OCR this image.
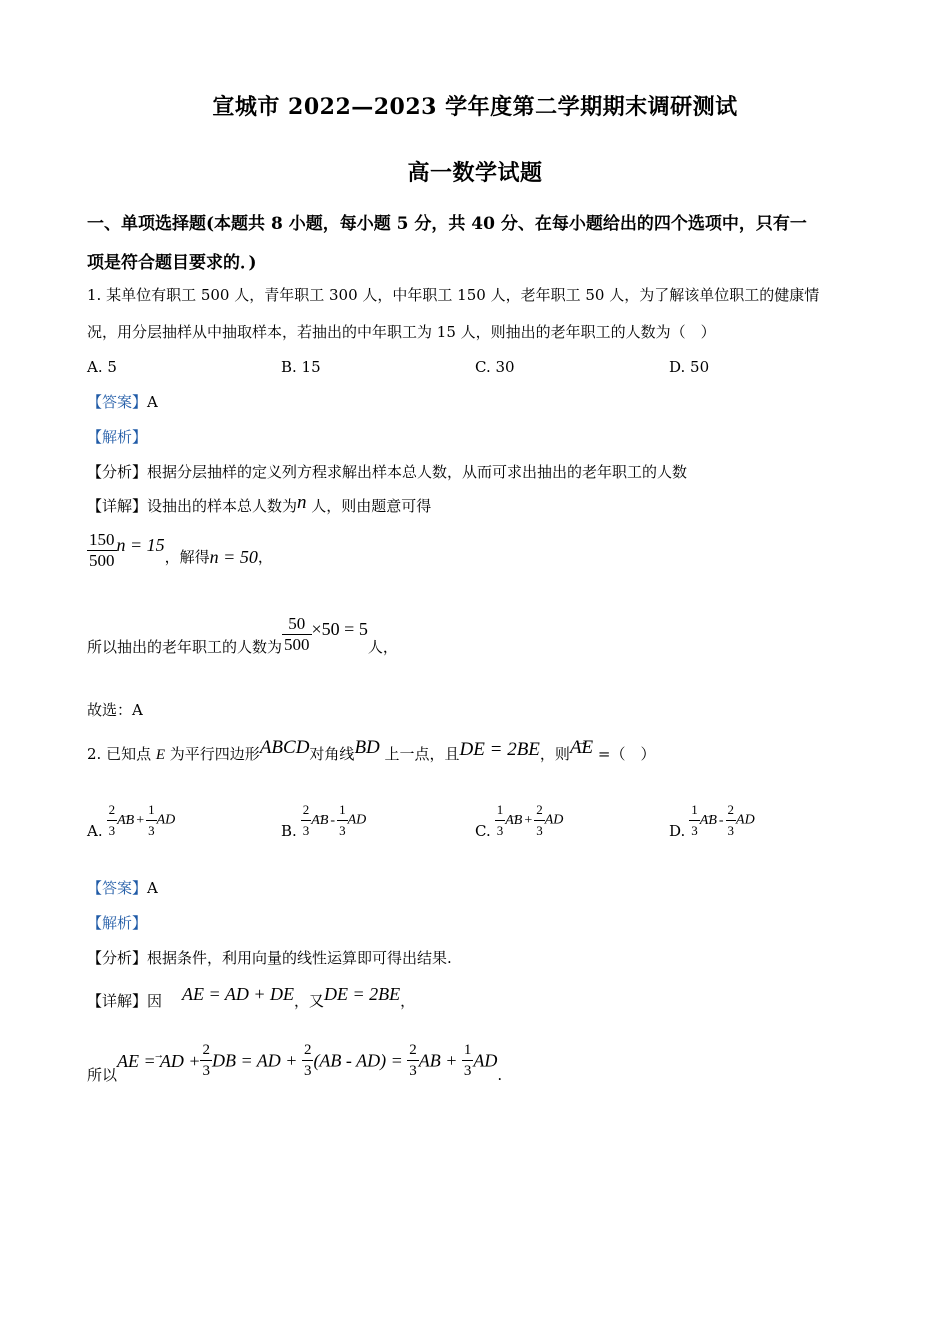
宣城市 2022—2023 学年度第二学期期末调研测试
高一数学试题
一、单项选择题(本题共 8 小题，每小题 5 分，共 40 分、在每小题给出的四个选项中，只有一
项是符合题目要求的．)
1. 某单位有职工 500 人，青年职工 300 人，中年职工 150 人，老年职工 50 人，为了解该单位职工的健康情
况，用分层抽样从中抽取样本，若抽出的中年职工为 15 人，则抽出的老年职工的人数为（　）
A. 5	B. 15	C. 30	D. 50
【答案】A
【解析】
【分析】根据分层抽样的定义列方程求解出样本总人数，从而可求出抽出的老年职工的人数
【详解】设抽出的样本总人数为n 人，则由题意可得
$\frac{150}{500}$ n = 15，解得n = 50，
所以抽出的老年职工的人数为 $\frac{50}{500} \times 50 = 5$人，
故选：A
2. 已知点 E 为平行四边形ABCD对角线BD 上一点，且DE = 2BE，则→ AE =（　）
A. $\frac{2}{3}$ → AB + $\frac{1}{3}$ AD
B. $\frac{2}{3}$ → AB - $\frac{1}{3}$ AD
C. $\frac{1}{3}$ → AB + $\frac{2}{3}$ AD
D. $\frac{1}{3}$ → AB - $\frac{2}{3}$ AD
【答案】A
【解析】
【分析】根据条件，利用向量的线性运算即可得出结果.
【详解】因 AE = AD + DE，又DE = 2BE，
所以→ AE = AD + $\frac{2}{3}$ DB = AD + $\frac{2}{3} (AB - AD) = \frac{2}{3}$ AB + $\frac{1}{3}$ AD.
